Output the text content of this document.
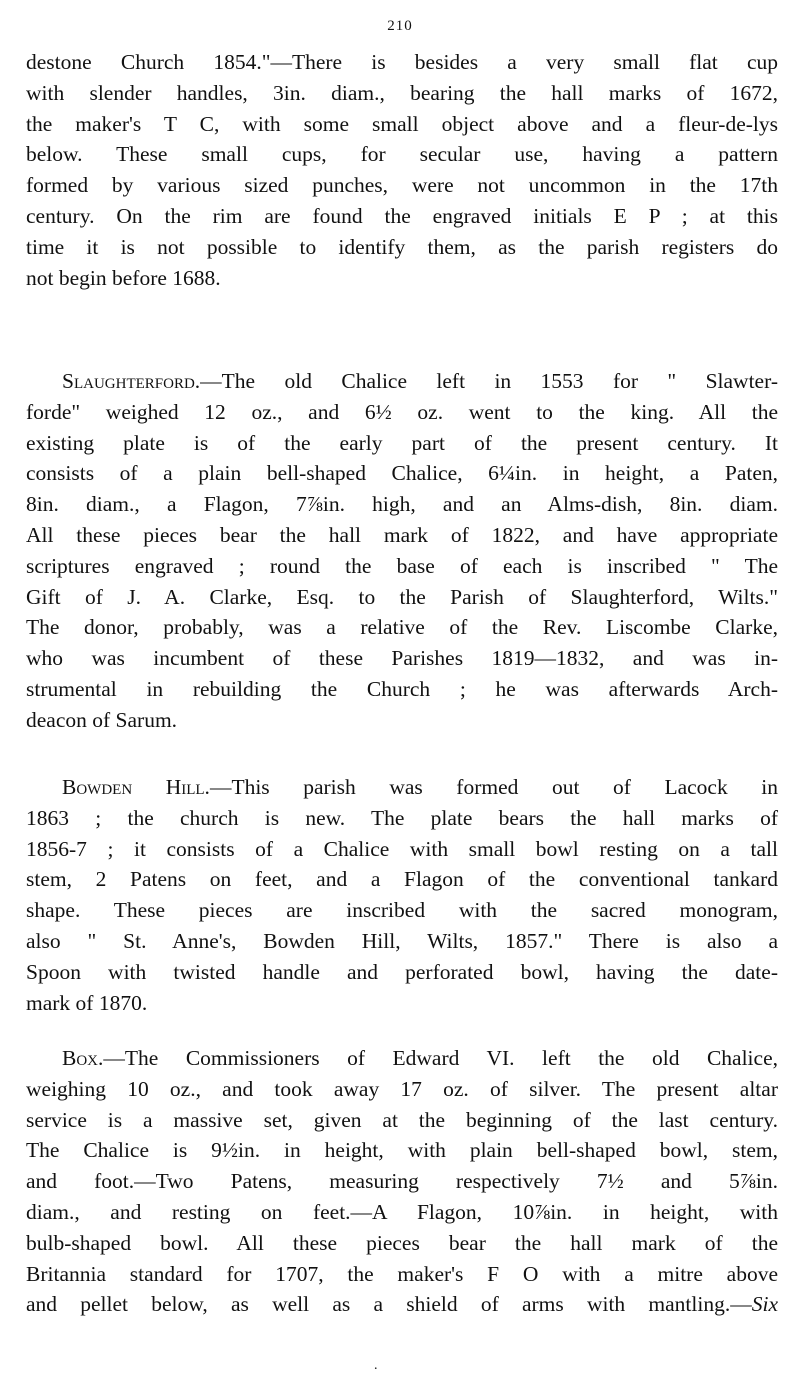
210
destone Church 1854."—There is besides a very small flat cup
with slender handles, 3in. diam., bearing the hall marks of 1672,
the maker's T C, with some small object above and a fleur-de-lys
below. These small cups, for secular use, having a pattern
formed by various sized punches, were not uncommon in the 17th
century. On the rim are found the engraved initials E P ; at this
time it is not possible to identify them, as the parish registers do
not begin before 1688.
Slaughterford.—The old Chalice left in 1553 for " Slawter-
forde" weighed 12 oz., and 6½ oz. went to the king. All the
existing plate is of the early part of the present century. It
consists of a plain bell-shaped Chalice, 6¼in. in height, a Paten,
8in. diam., a Flagon, 7⅞in. high, and an Alms-dish, 8in. diam.
All these pieces bear the hall mark of 1822, and have appropriate
scriptures engraved ; round the base of each is inscribed " The
Gift of J. A. Clarke, Esq. to the Parish of Slaughterford, Wilts."
The donor, probably, was a relative of the Rev. Liscombe Clarke,
who was incumbent of these Parishes 1819—1832, and was in-
strumental in rebuilding the Church ; he was afterwards Arch-
deacon of Sarum.
Bowden Hill.—This parish was formed out of Lacock in
1863 ; the church is new. The plate bears the hall marks of
1856-7 ; it consists of a Chalice with small bowl resting on a tall
stem, 2 Patens on feet, and a Flagon of the conventional tankard
shape. These pieces are inscribed with the sacred monogram,
also " St. Anne's, Bowden Hill, Wilts, 1857." There is also a
Spoon with twisted handle and perforated bowl, having the date-
mark of 1870.
Box.—The Commissioners of Edward VI. left the old Chalice,
weighing 10 oz., and took away 17 oz. of silver. The present altar
service is a massive set, given at the beginning of the last century.
The Chalice is 9½in. in height, with plain bell-shaped bowl, stem,
and foot.—Two Patens, measuring respectively 7½ and 5⅞in.
diam., and resting on feet.—A Flagon, 10⅞in. in height, with
bulb-shaped bowl. All these pieces bear the hall mark of the
Britannia standard for 1707, the maker's F O with a mitre above
and pellet below, as well as a shield of arms with mantling.—Six
.
